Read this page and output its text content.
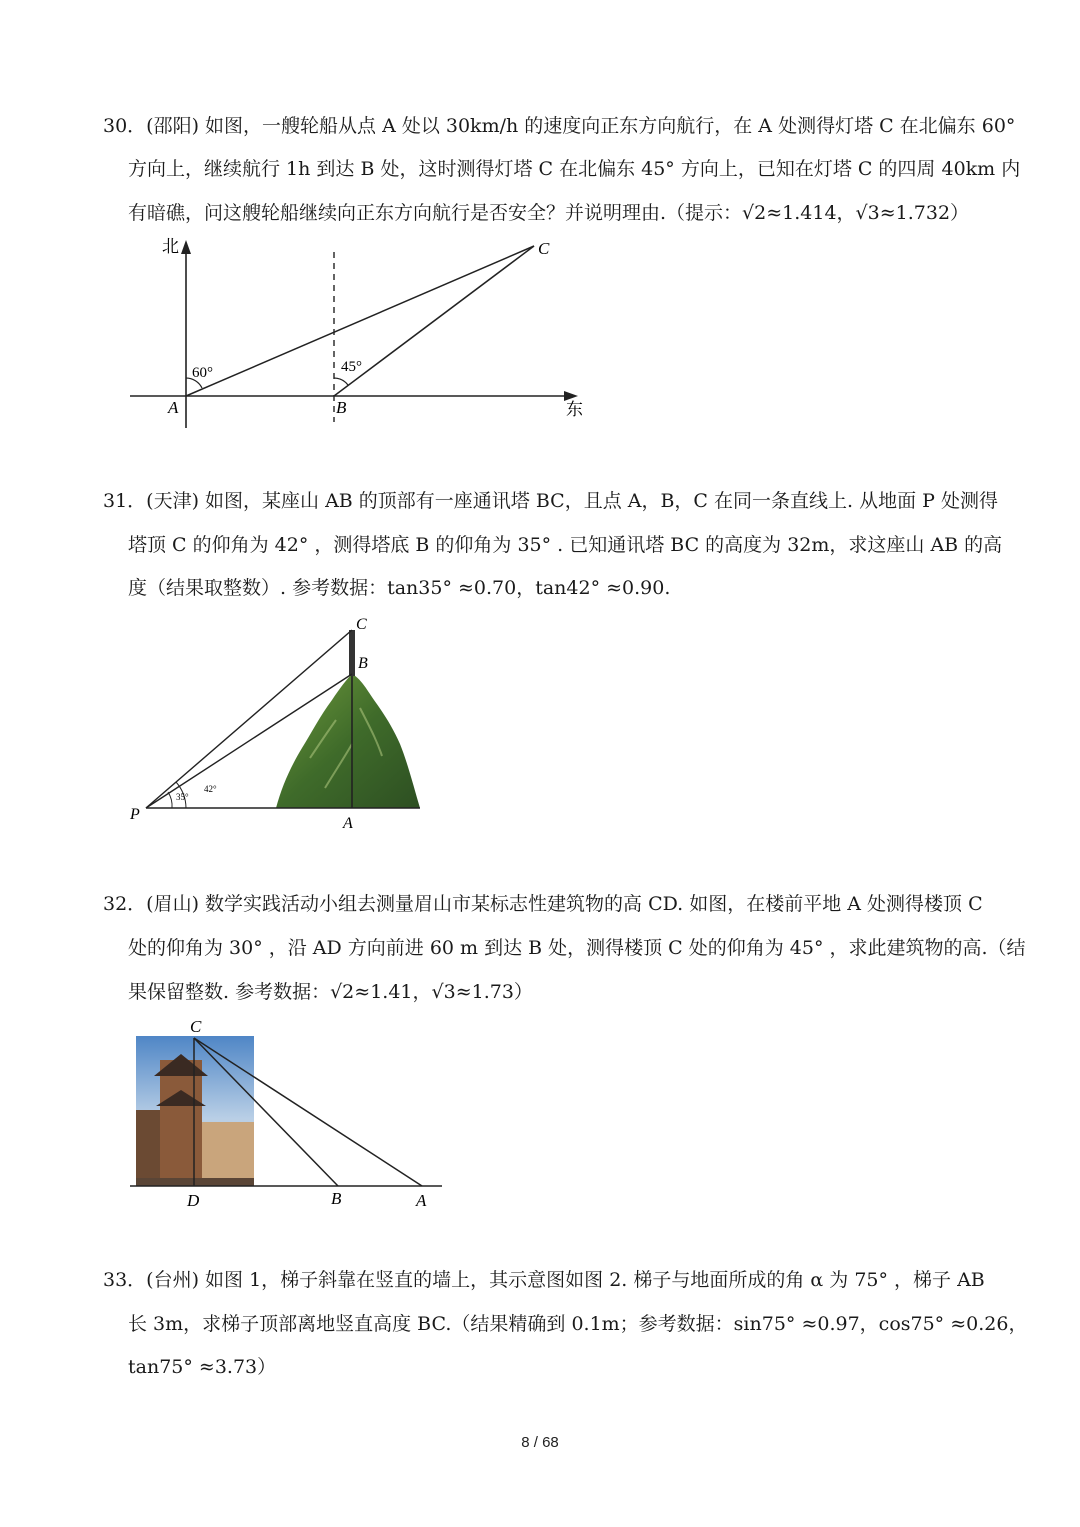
30．(邵阳) 如图，一艘轮船从点 A 处以 30km/h 的速度向正东方向航行，在 A 处测得灯塔 C 在北偏东 60°
方向上，继续航行 1h 到达 B 处，这时测得灯塔 C 在北偏东 45° 方向上，已知在灯塔 C 的四周 40km 内
有暗礁，问这艘轮船继续向正东方向航行是否安全？并说明理由.（提示：√2≈1.414，√3≈1.732）
北
东
A	B
C
60°	45°
31．(天津) 如图，某座山 AB 的顶部有一座通讯塔 BC，且点 A，B，C 在同一条直线上. 从地面 P 处测得
塔顶 C 的仰角为 42° ，测得塔底 B 的仰角为 35° . 已知通讯塔 BC 的高度为 32m，求这座山 AB 的高
度（结果取整数）. 参考数据：tan35° ≈0.70，tan42° ≈0.90.
C
B
P
A
35°
42°
32．(眉山) 数学实践活动小组去测量眉山市某标志性建筑物的高 CD. 如图，在楼前平地 A 处测得楼顶 C
处的仰角为 30° ，沿 AD 方向前进 60 m 到达 B 处，测得楼顶 C 处的仰角为 45° ，求此建筑物的高.（结
果保留整数. 参考数据：√2≈1.41，√3≈1.73）
C
D	B	A
33．(台州) 如图 1，梯子斜靠在竖直的墙上，其示意图如图 2. 梯子与地面所成的角 α 为 75° ，梯子 AB
长 3m，求梯子顶部离地竖直高度 BC.（结果精确到 0.1m；参考数据：sin75° ≈0.97，cos75° ≈0.26，
tan75° ≈3.73）
8 / 68
